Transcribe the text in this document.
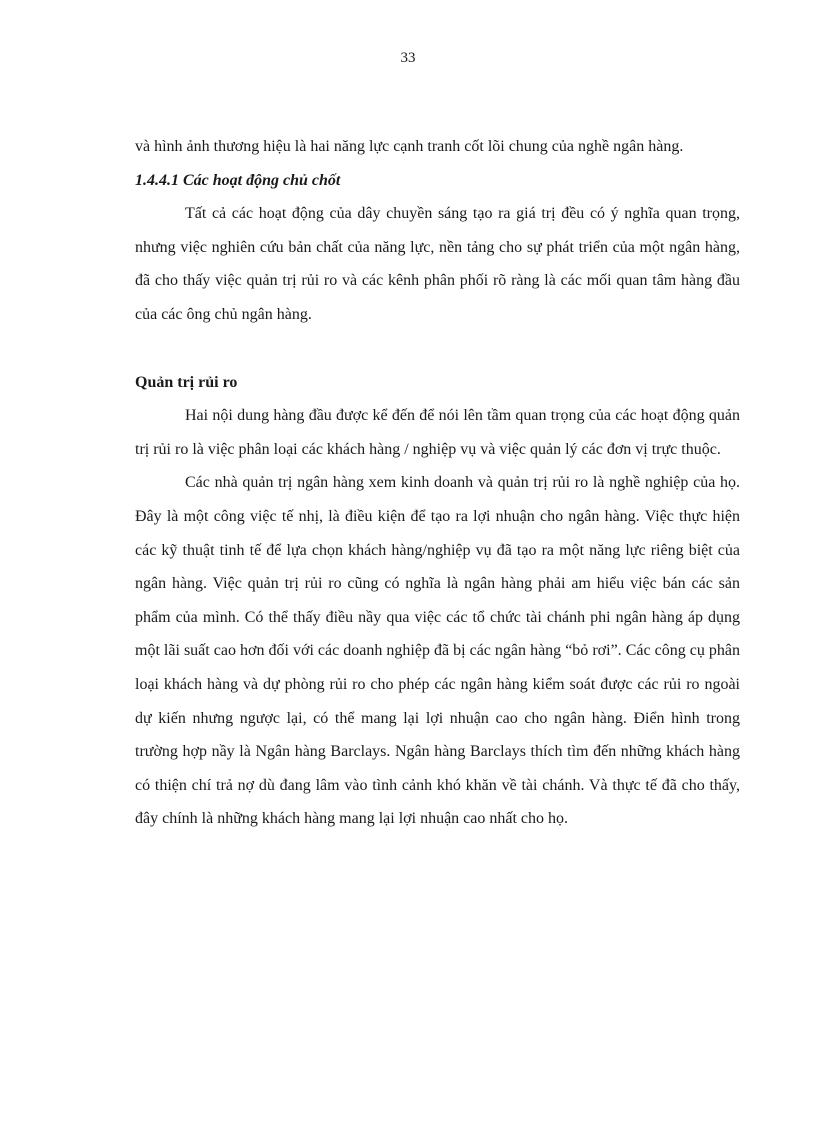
33

và hình ảnh thương hiệu là hai năng lực cạnh tranh cốt lõi chung của nghề ngân hàng.

1.4.4.1 Các hoạt động chủ chốt

Tất cả các hoạt động của dây chuyền sáng tạo ra giá trị đều có ý nghĩa quan trọng, nhưng việc nghiên cứu bản chất của năng lực, nền tảng cho sự phát triển của một ngân hàng, đã cho thấy việc quản trị rủi ro và các kênh phân phối rõ ràng là các mối quan tâm hàng đầu của các ông chủ ngân hàng.

Quản trị rủi ro

Hai nội dung hàng đầu được kể đến để nói lên tầm quan trọng của các hoạt động quản trị rủi ro là việc phân loại các khách hàng / nghiệp vụ và việc quản lý các đơn vị trực thuộc.

Các nhà quản trị ngân hàng xem kinh doanh và quản trị rủi ro là nghề nghiệp của họ. Đây là một công việc tế nhị, là điều kiện để tạo ra lợi nhuận cho ngân hàng. Việc thực hiện các kỹ thuật tinh tế để lựa chọn khách hàng/nghiệp vụ đã tạo ra một năng lực riêng biệt của ngân hàng. Việc quản trị rủi ro cũng có nghĩa là ngân hàng phải am hiểu việc bán các sản phẩm của mình. Có thể thấy điều nầy qua việc các tổ chức tài chánh phi ngân hàng áp dụng một lãi suất cao hơn đối với các doanh nghiệp đã bị các ngân hàng “bỏ rơi”. Các công cụ phân loại khách hàng và dự phòng rủi ro cho phép các ngân hàng kiểm soát được các rủi ro ngoài dự kiến nhưng ngược lại, có thể mang lại lợi nhuận cao cho ngân hàng. Điển hình trong trường hợp nầy là Ngân hàng Barclays. Ngân hàng Barclays thích tìm đến những khách hàng có thiện chí trả nợ dù đang lâm vào tình cảnh khó khăn về tài chánh. Và thực tế đã cho thấy, đây chính là những khách hàng mang lại lợi nhuận cao nhất cho họ.
